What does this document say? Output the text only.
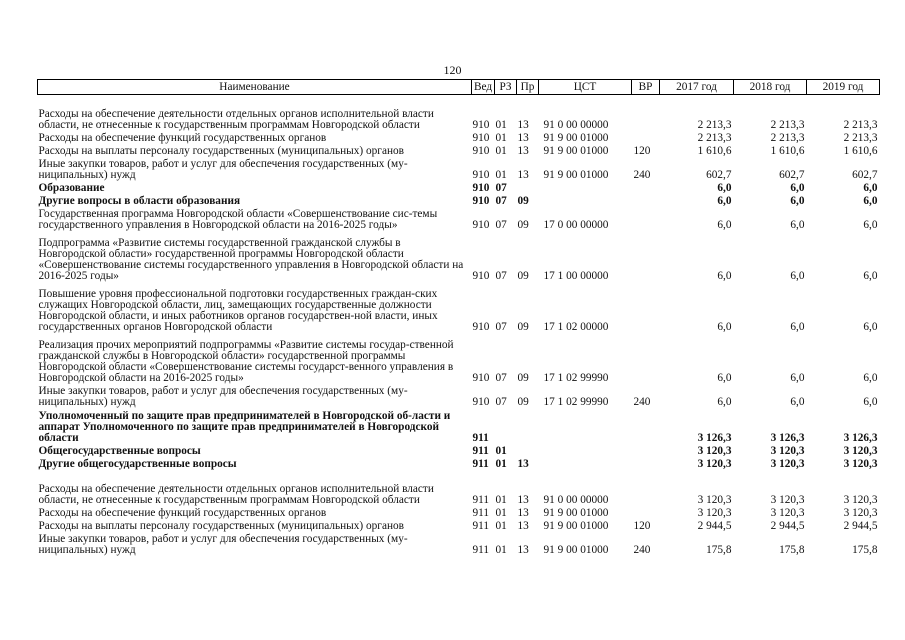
120
Наименование	Вед	РЗ	Пр	ЦСТ	ВР	2017 год	2018 год	2019 год
Расходы на обеспечение деятельности отдельных органов исполнительной власти области, не отнесенные к государственным программам Новгородской области	910	01	13	91 0 00 00000		2 213,3	2 213,3	2 213,3
Расходы на обеспечение функций государственных органов	910	01	13	91 9 00 01000		2 213,3	2 213,3	2 213,3
Расходы на выплаты персоналу государственных (муниципальных) органов	910	01	13	91 9 00 01000	120	1 610,6	1 610,6	1 610,6
Иные закупки товаров, работ и услуг для обеспечения государственных (му-ниципальных) нужд	910	01	13	91 9 00 01000	240	602,7	602,7	602,7
Образование	910	07				6,0	6,0	6,0
Другие вопросы в области образования	910	07	09			6,0	6,0	6,0
Государственная программа Новгородской области «Совершенствование сис-темы государственного управления в Новгородской области на 2016-2025 годы»	910	07	09	17 0 00 00000		6,0	6,0	6,0
Подпрограмма «Развитие системы государственной гражданской службы в Новгородской области» государственной программы Новгородской области «Совершенствование системы государственного управления в Новгородской области на 2016-2025 годы»	910	07	09	17 1 00 00000		6,0	6,0	6,0
Повышение уровня профессиональной подготовки государственных граждан-ских служащих Новгородской области, лиц, замещающих государственные должности Новгородской области, и иных работников органов государствен-ной власти, иных государственных органов Новгородской области	910	07	09	17 1 02 00000		6,0	6,0	6,0
Реализация прочих мероприятий подпрограммы «Развитие системы государ-ственной гражданской службы в Новгородской области» государственной программы Новгородской области «Совершенствование системы государст-венного управления в Новгородской области на 2016-2025 годы»	910	07	09	17 1 02 99990		6,0	6,0	6,0
Иные закупки товаров, работ и услуг для обеспечения государственных (му-ниципальных) нужд	910	07	09	17 1 02 99990	240	6,0	6,0	6,0
Уполномоченный по защите прав предпринимателей в Новгородской об-ласти и аппарат Уполномоченного по защите прав предпринимателей в Новгородской области	911					3 126,3	3 126,3	3 126,3
Общегосударственные вопросы	911	01				3 120,3	3 120,3	3 120,3
Другие общегосударственные вопросы	911	01	13			3 120,3	3 120,3	3 120,3
Расходы на обеспечение деятельности отдельных органов исполнительной власти области, не отнесенные к государственным программам Новгородской области	911	01	13	91 0 00 00000		3 120,3	3 120,3	3 120,3
Расходы на обеспечение функций государственных органов	911	01	13	91 9 00 01000		3 120,3	3 120,3	3 120,3
Расходы на выплаты персоналу государственных (муниципальных) органов	911	01	13	91 9 00 01000	120	2 944,5	2 944,5	2 944,5
Иные закупки товаров, работ и услуг для обеспечения государственных (му-ниципальных) нужд	911	01	13	91 9 00 01000	240	175,8	175,8	175,8
